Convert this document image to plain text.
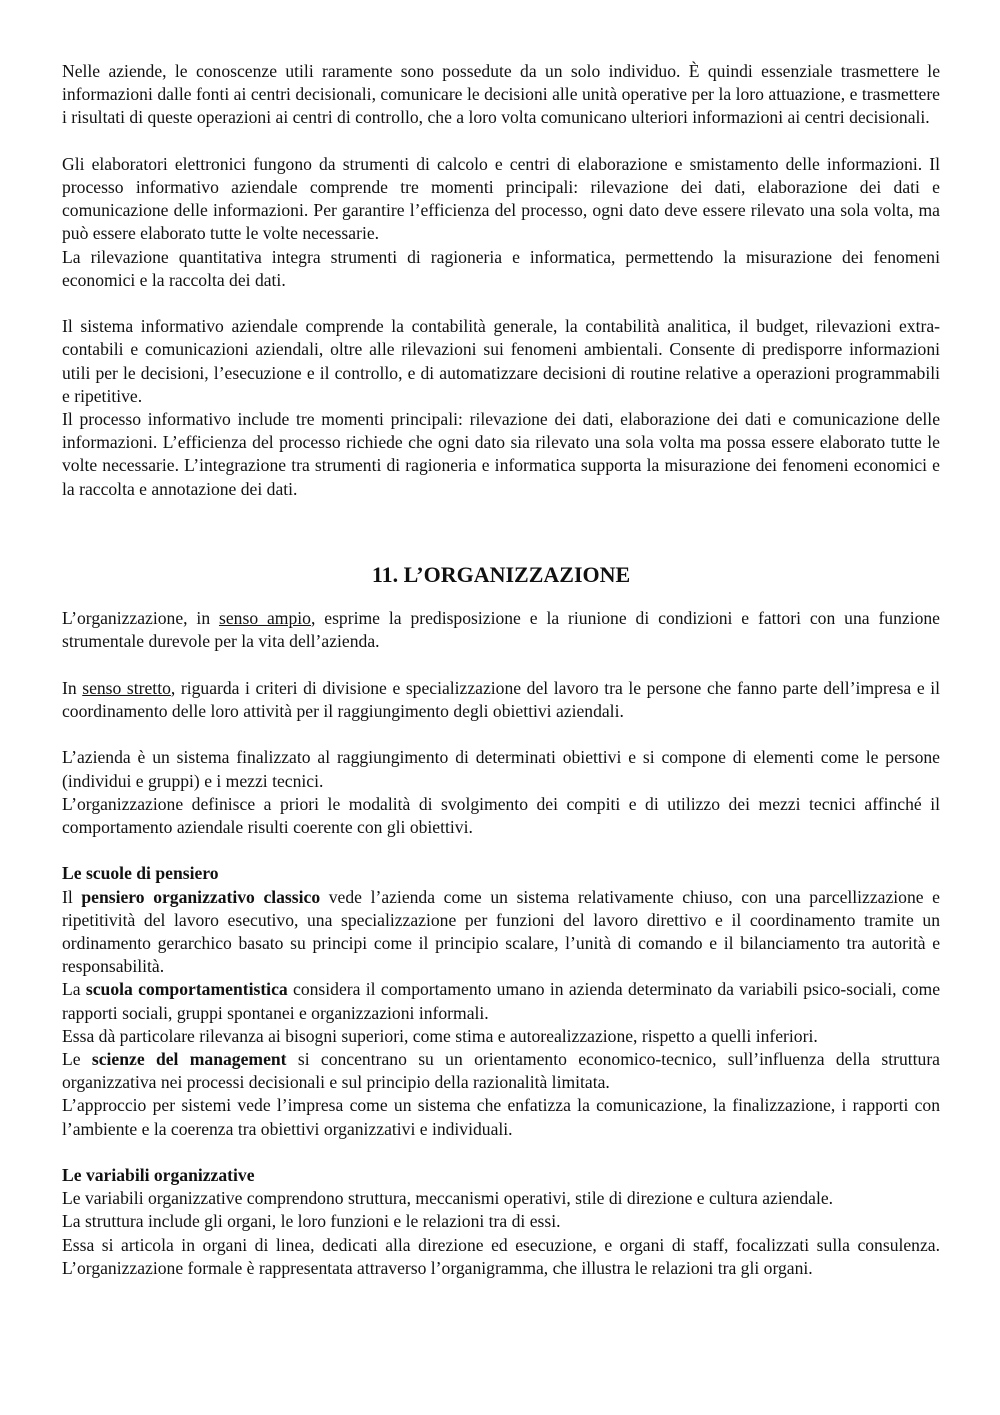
Nelle aziende, le conoscenze utili raramente sono possedute da un solo individuo. È quindi essenziale trasmettere le informazioni dalle fonti ai centri decisionali, comunicare le decisioni alle unità operative per la loro attuazione, e trasmettere i risultati di queste operazioni ai centri di controllo, che a loro volta comunicano ulteriori informazioni ai centri decisionali.

Gli elaboratori elettronici fungono da strumenti di calcolo e centri di elaborazione e smistamento delle informazioni. Il processo informativo aziendale comprende tre momenti principali: rilevazione dei dati, elaborazione dei dati e comunicazione delle informazioni. Per garantire l’efficienza del processo, ogni dato deve essere rilevato una sola volta, ma può essere elaborato tutte le volte necessarie.

La rilevazione quantitativa integra strumenti di ragioneria e informatica, permettendo la misurazione dei fenomeni economici e la raccolta dei dati.

Il sistema informativo aziendale comprende la contabilità generale, la contabilità analitica, il budget, rilevazioni extra-contabili e comunicazioni aziendali, oltre alle rilevazioni sui fenomeni ambientali. Consente di predisporre informazioni utili per le decisioni, l’esecuzione e il controllo, e di automatizzare decisioni di routine relative a operazioni programmabili e ripetitive.

Il processo informativo include tre momenti principali: rilevazione dei dati, elaborazione dei dati e comunicazione delle informazioni. L’efficienza del processo richiede che ogni dato sia rilevato una sola volta ma possa essere elaborato tutte le volte necessarie. L’integrazione tra strumenti di ragioneria e informatica supporta la misurazione dei fenomeni economici e la raccolta e annotazione dei dati.

11. L’ORGANIZZAZIONE

L’organizzazione, in senso ampio, esprime la predisposizione e la riunione di condizioni e fattori con una funzione strumentale durevole per la vita dell’azienda.

In senso stretto, riguarda i criteri di divisione e specializzazione del lavoro tra le persone che fanno parte dell’impresa e il coordinamento delle loro attività per il raggiungimento degli obiettivi aziendali.

L’azienda è un sistema finalizzato al raggiungimento di determinati obiettivi e si compone di elementi come le persone (individui e gruppi) e i mezzi tecnici.

L’organizzazione definisce a priori le modalità di svolgimento dei compiti e di utilizzo dei mezzi tecnici affinché il comportamento aziendale risulti coerente con gli obiettivi.

Le scuole di pensiero

Il pensiero organizzativo classico vede l’azienda come un sistema relativamente chiuso, con una parcellizzazione e ripetitività del lavoro esecutivo, una specializzazione per funzioni del lavoro direttivo e il coordinamento tramite un ordinamento gerarchico basato su principi come il principio scalare, l’unità di comando e il bilanciamento tra autorità e responsabilità.

La scuola comportamentistica considera il comportamento umano in azienda determinato da variabili psico-sociali, come rapporti sociali, gruppi spontanei e organizzazioni informali.

Essa dà particolare rilevanza ai bisogni superiori, come stima e autorealizzazione, rispetto a quelli inferiori.

Le scienze del management si concentrano su un orientamento economico-tecnico, sull’influenza della struttura organizzativa nei processi decisionali e sul principio della razionalità limitata.

L’approccio per sistemi vede l’impresa come un sistema che enfatizza la comunicazione, la finalizzazione, i rapporti con l’ambiente e la coerenza tra obiettivi organizzativi e individuali.

Le variabili organizzative

Le variabili organizzative comprendono struttura, meccanismi operativi, stile di direzione e cultura aziendale.

La struttura include gli organi, le loro funzioni e le relazioni tra di essi.

Essa si articola in organi di linea, dedicati alla direzione ed esecuzione, e organi di staff, focalizzati sulla consulenza. L’organizzazione formale è rappresentata attraverso l’organigramma, che illustra le relazioni tra gli organi.
